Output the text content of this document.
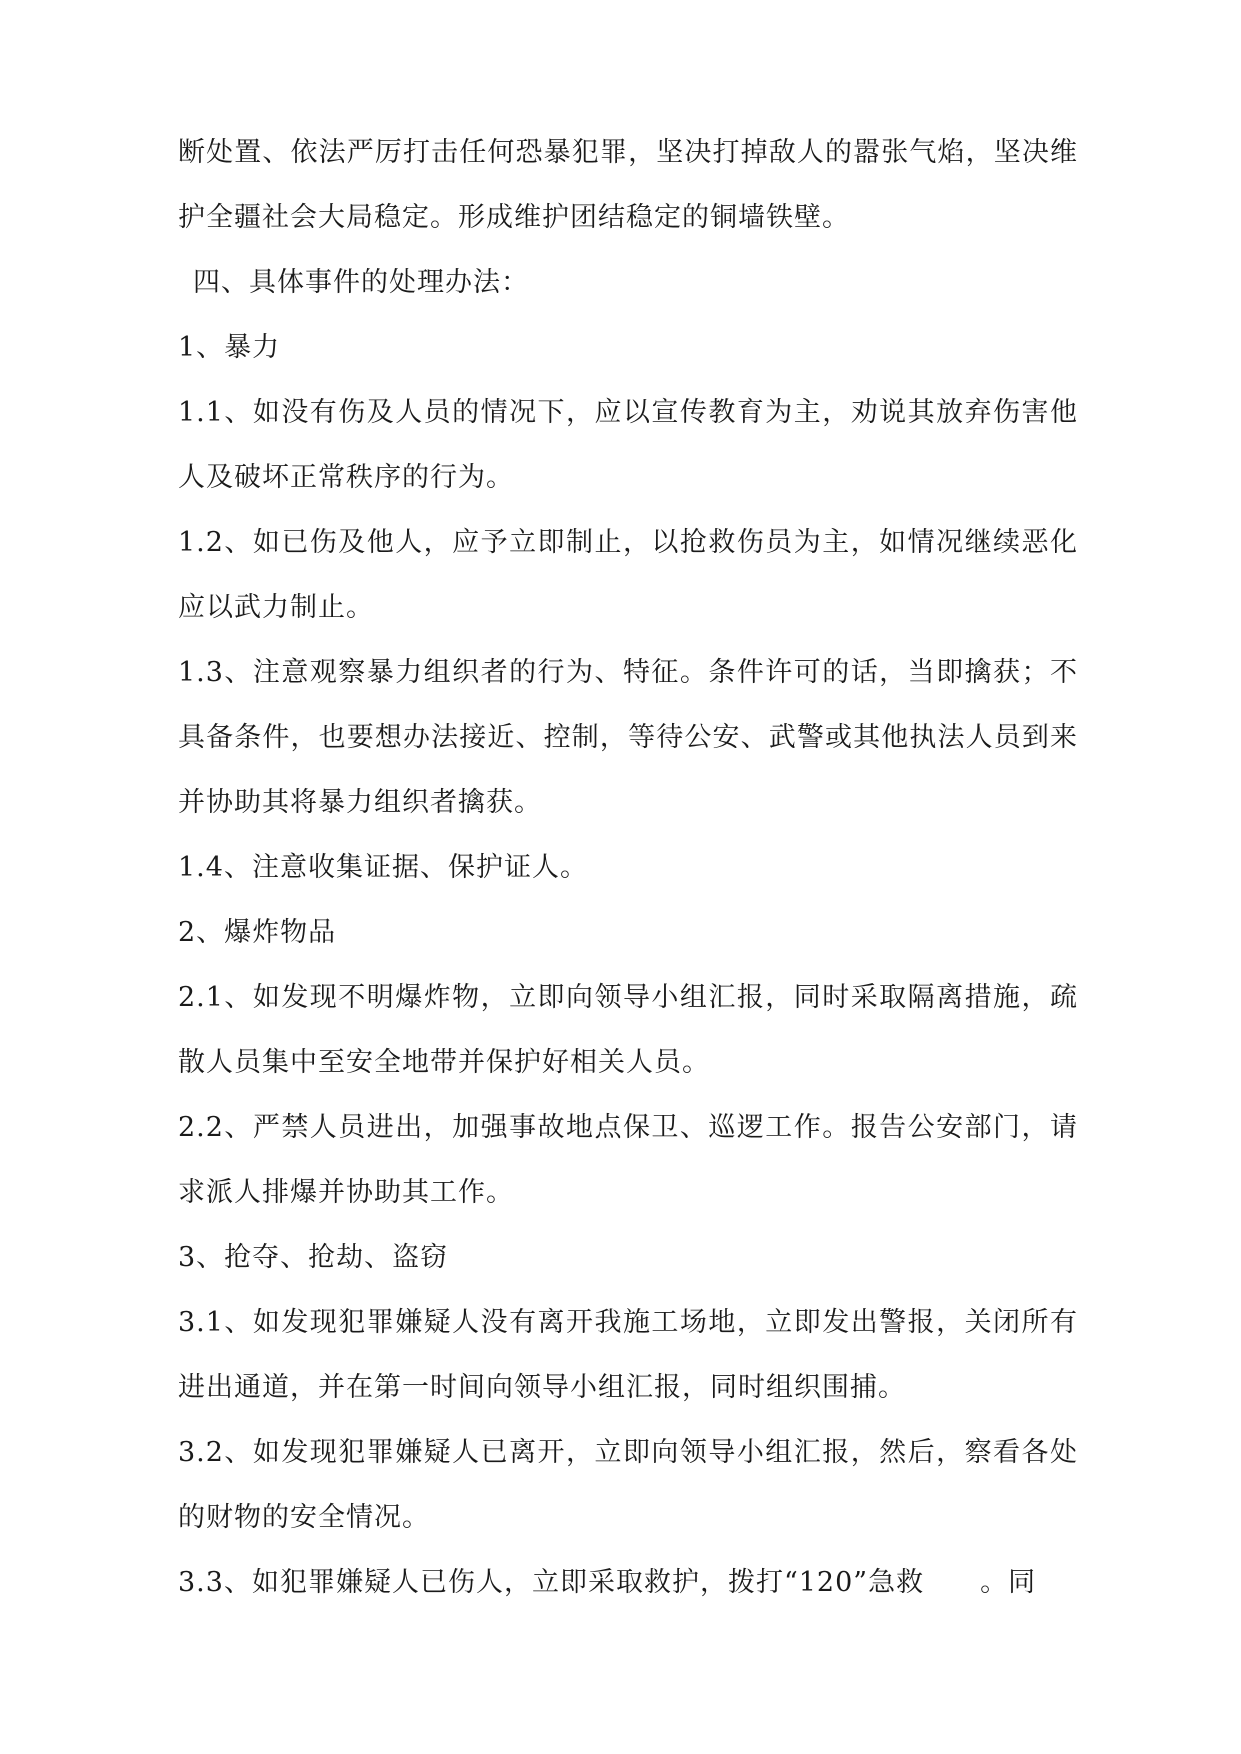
断处置、依法严厉打击任何恐暴犯罪，坚决打掉敌人的嚣张气焰，坚决维护全疆社会大局稳定。形成维护团结稳定的铜墙铁壁。

四、具体事件的处理办法：

1、暴力

1.1、如没有伤及人员的情况下，应以宣传教育为主，劝说其放弃伤害他人及破坏正常秩序的行为。

1.2、如已伤及他人，应予立即制止，以抢救伤员为主，如情况继续恶化应以武力制止。

1.3、注意观察暴力组织者的行为、特征。条件许可的话，当即擒获；不具备条件，也要想办法接近、控制，等待公安、武警或其他执法人员到来并协助其将暴力组织者擒获。

1.4、注意收集证据、保护证人。

2、爆炸物品

2.1、如发现不明爆炸物，立即向领导小组汇报，同时采取隔离措施，疏散人员集中至安全地带并保护好相关人员。

2.2、严禁人员进出，加强事故地点保卫、巡逻工作。报告公安部门，请求派人排爆并协助其工作。

3、抢夺、抢劫、盗窃

3.1、如发现犯罪嫌疑人没有离开我施工场地，立即发出警报，关闭所有进出通道，并在第一时间向领导小组汇报，同时组织围捕。

3.2、如发现犯罪嫌疑人已离开，立即向领导小组汇报，然后，察看各处的财物的安全情况。

3.3、如犯罪嫌疑人已伤人，立即采取救护，拨打“120”急救　　。同
